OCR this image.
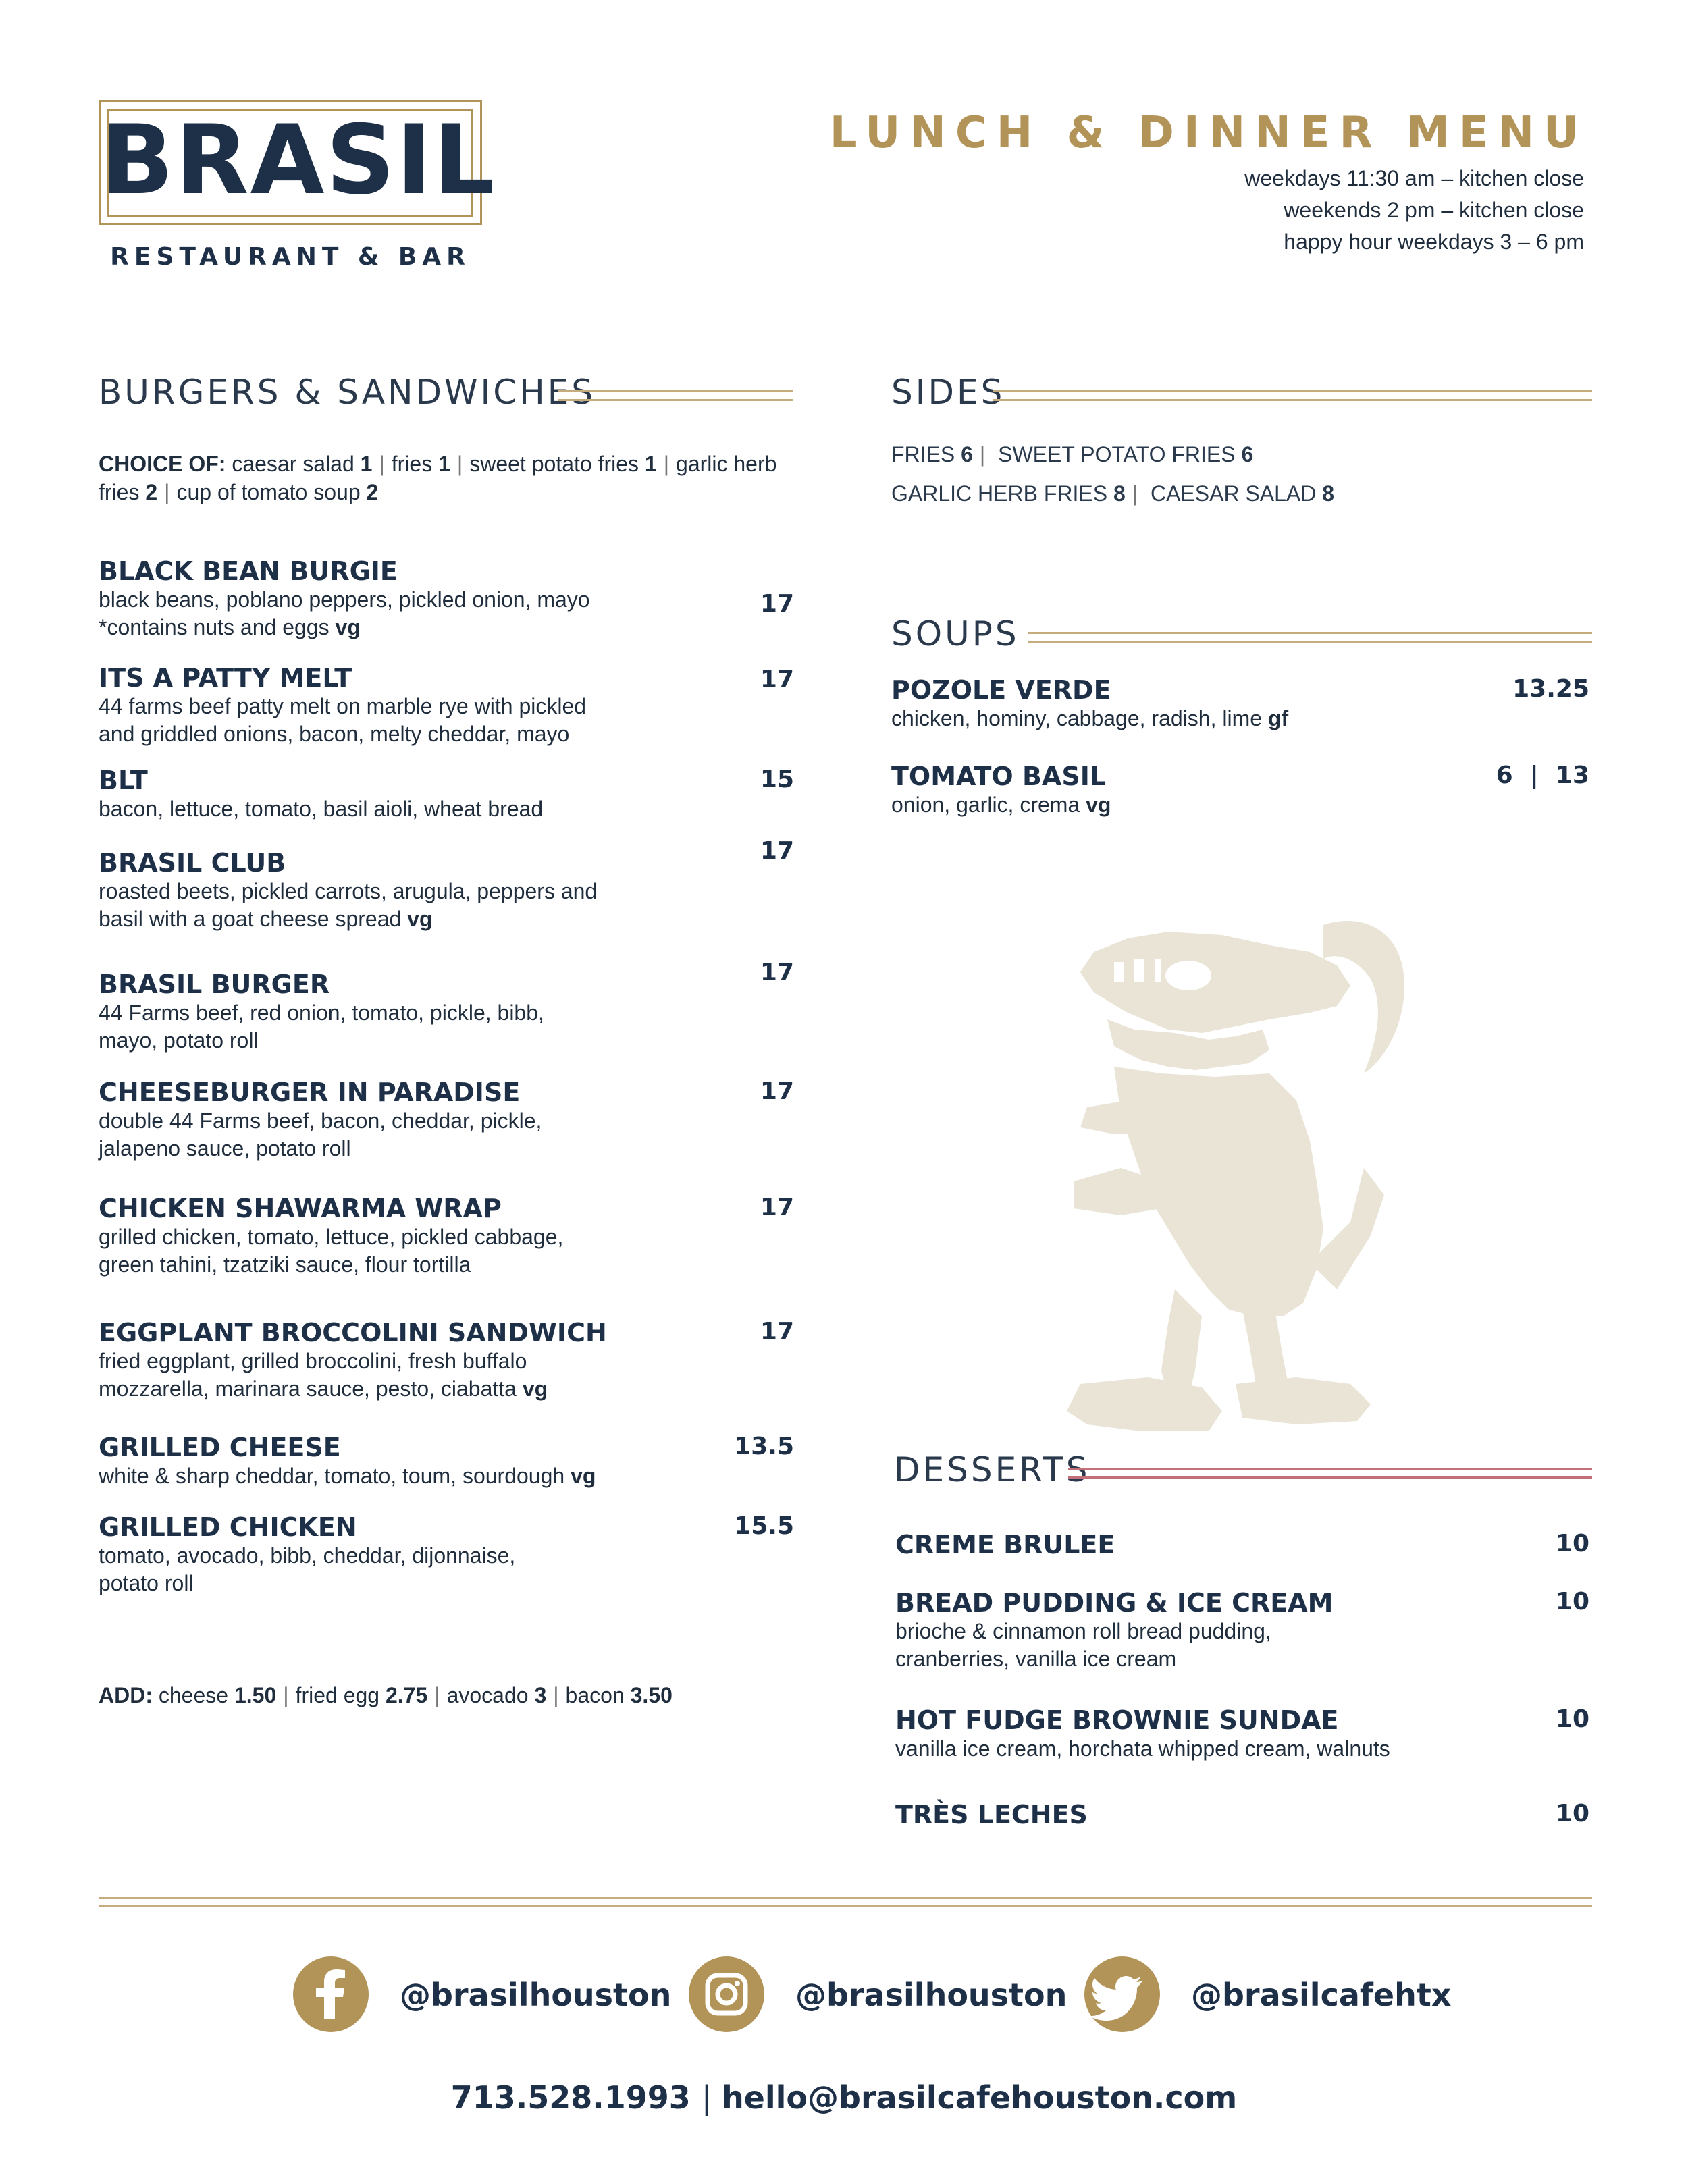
BRASIL
RESTAURANT & BAR
LUNCH & DINNER MENU
weekdays 11:30 am – kitchen close
weekends 2 pm – kitchen close
happy hour weekdays 3 – 6 pm
BURGERS & SANDWICHES
CHOICE OF: caesar salad 1 | fries 1 | sweet potato fries 1 | garlic herb fries 2 | cup of tomato soup 2
BLACK BEAN BURGIE
black beans, poblano peppers, pickled onion, mayo
*contains nuts and eggs vg
17
ITS A PATTY MELT
44 farms beef patty melt on marble rye with pickled
and griddled onions, bacon, melty cheddar, mayo
17
BLT
bacon, lettuce, tomato, basil aioli, wheat bread
15
BRASIL CLUB
roasted beets, pickled carrots, arugula, peppers and
basil with a goat cheese spread vg
17
BRASIL BURGER
44 Farms beef, red onion, tomato, pickle, bibb,
mayo, potato roll
17
CHEESEBURGER IN PARADISE
double 44 Farms beef, bacon, cheddar, pickle,
jalapeno sauce, potato roll
17
CHICKEN SHAWARMA WRAP
grilled chicken, tomato, lettuce, pickled cabbage,
green tahini, tzatziki sauce, flour tortilla
17
EGGPLANT BROCCOLINI SANDWICH
fried eggplant, grilled broccolini, fresh buffalo
mozzarella, marinara sauce, pesto, ciabatta vg
17
GRILLED CHEESE
white & sharp cheddar, tomato, toum, sourdough vg
13.5
GRILLED CHICKEN
tomato, avocado, bibb, cheddar, dijonnaise,
potato roll
15.5
ADD: cheese 1.50 | fried egg 2.75 | avocado 3 | bacon 3.50
SIDES
FRIES 6 | SWEET POTATO FRIES 6
GARLIC HERB FRIES 8 | CAESAR SALAD 8
SOUPS
POZOLE VERDE
chicken, hominy, cabbage, radish, lime gf
13.25
TOMATO BASIL
onion, garlic, crema vg
6  |  13
DESSERTS
CREME BRULEE	10
BREAD PUDDING & ICE CREAM
brioche & cinnamon roll bread pudding,
cranberries, vanilla ice cream
10
HOT FUDGE BROWNIE SUNDAE
vanilla ice cream, horchata whipped cream, walnuts
10
TRÈS LECHES	10
@brasilhouston	@brasilhouston	@brasilcafehtx
713.528.1993 | hello@brasilcafehouston.com
